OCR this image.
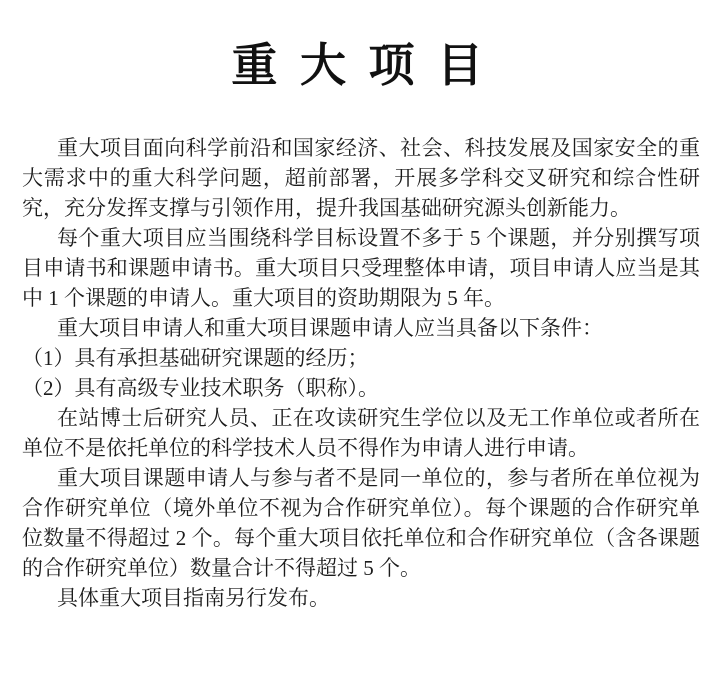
重 大 项 目

重大项目面向科学前沿和国家经济、社会、科技发展及国家安全的重大需求中的重大科学问题，超前部署，开展多学科交叉研究和综合性研究，充分发挥支撑与引领作用，提升我国基础研究源头创新能力。

每个重大项目应当围绕科学目标设置不多于 5 个课题，并分别撰写项目申请书和课题申请书。重大项目只受理整体申请，项目申请人应当是其中 1 个课题的申请人。重大项目的资助期限为 5 年。

重大项目申请人和重大项目课题申请人应当具备以下条件：

（1）具有承担基础研究课题的经历；

（2）具有高级专业技术职务（职称）。

在站博士后研究人员、正在攻读研究生学位以及无工作单位或者所在单位不是依托单位的科学技术人员不得作为申请人进行申请。

重大项目课题申请人与参与者不是同一单位的，参与者所在单位视为合作研究单位（境外单位不视为合作研究单位）。每个课题的合作研究单位数量不得超过 2 个。每个重大项目依托单位和合作研究单位（含各课题的合作研究单位）数量合计不得超过 5 个。

具体重大项目指南另行发布。
